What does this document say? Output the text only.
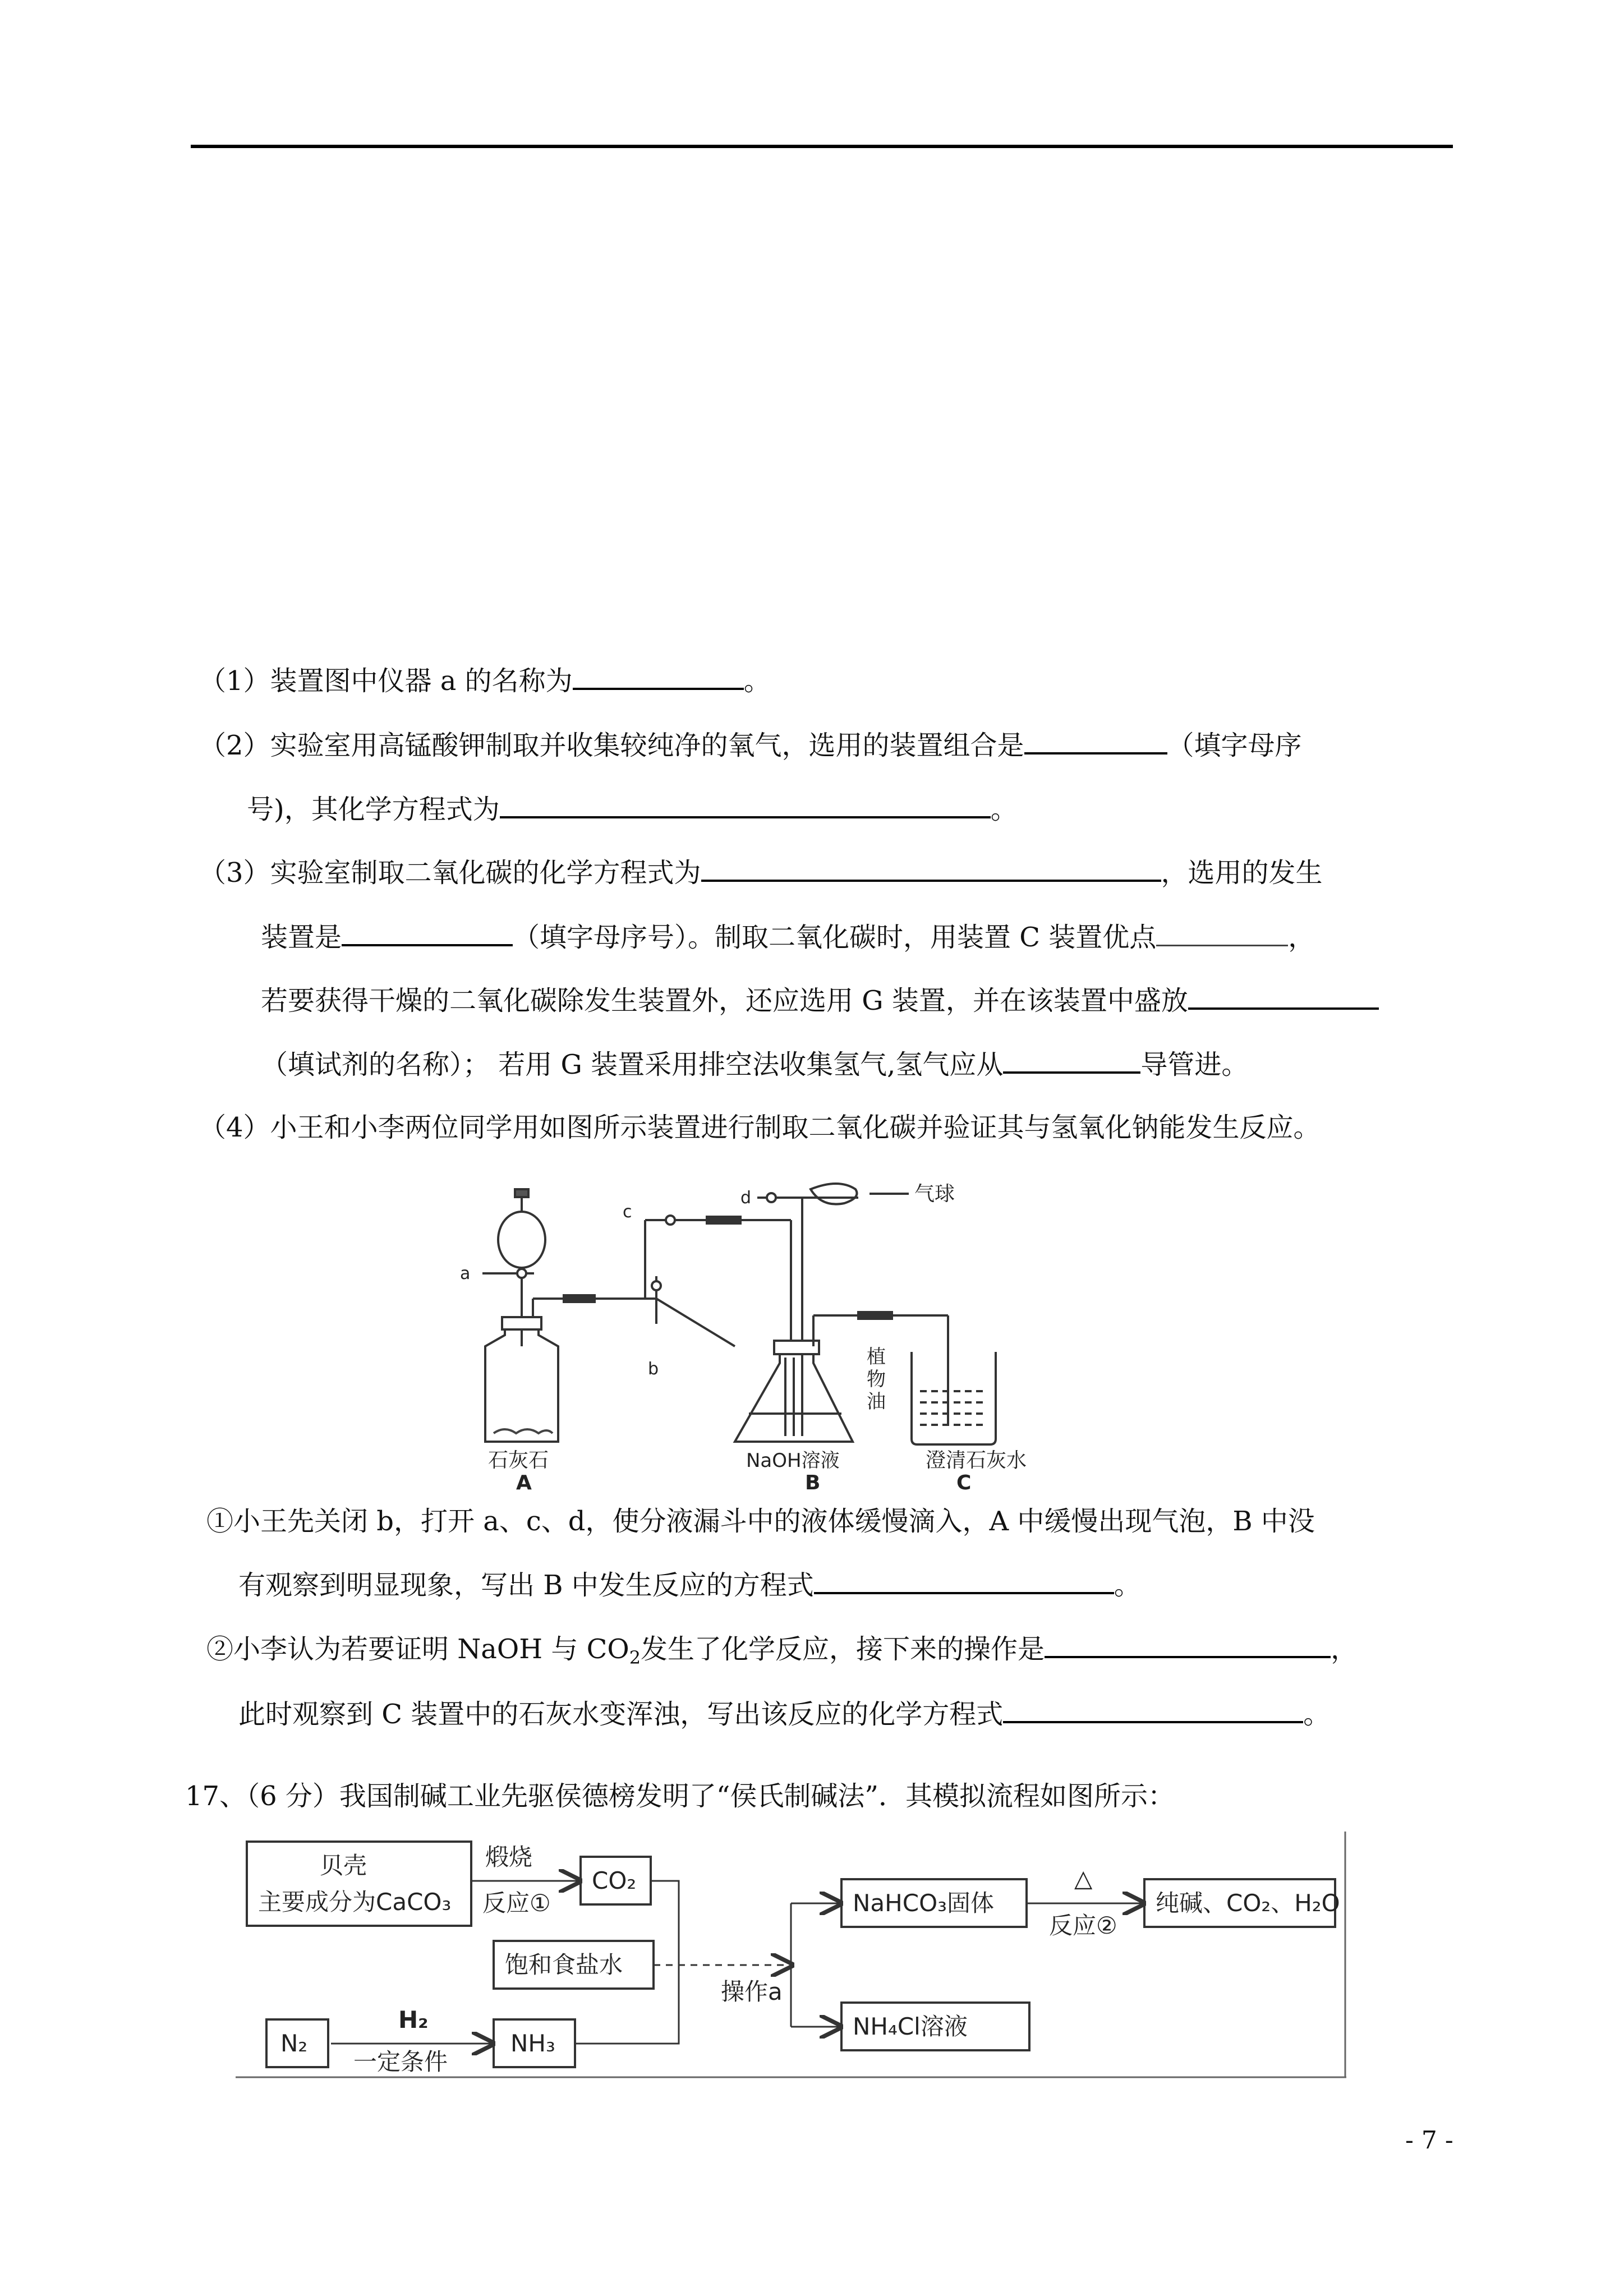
（1）装置图中仪器 a 的名称为	。
（2）实验室用高锰酸钾制取并收集较纯净的氧气，选用的装置组合是	（填字母序
号)，其化学方程式为	。
（3）实验室制取二氧化碳的化学方程式为	，选用的发生
装置是	（填字母序号）。制取二氧化碳时，用装置 C 装置优点	，
若要获得干燥的二氧化碳除发生装置外，还应选用 G 装置，并在该装置中盛放
（填试剂的名称）； 若用 G 装置采用排空法收集氢气,氢气应从	导管进。
（4）小王和小李两位同学用如图所示装置进行制取二氧化碳并验证其与氢氧化钠能发生反应。
a
b
c
d	气球
植
物
油
石灰石	NaOH溶液	澄清石灰水
A	B	C
①小王先关闭 b，打开 a、c、d，使分液漏斗中的液体缓慢滴入，A 中缓慢出现气泡，B 中没
有观察到明显现象，写出 B 中发生反应的方程式	。
②小李认为若要证明 NaOH 与 $CO_2$发生了化学反应，接下来的操作是	，
此时观察到 C 装置中的石灰水变浑浊，写出该反应的化学方程式	。
17、（6 分）我国制碱工业先驱侯德榜发明了“侯氏制碱法”．其模拟流程如图所示：
贝壳
主要成分为CaCO₃
煅烧
反应①
CO₂
饱和食盐水
N₂
H₂
一定条件
NH₃
操作a
NaHCO₃固体
NH₄Cl溶液
△
反应②
纯碱、CO₂、H₂O
- 7 -
